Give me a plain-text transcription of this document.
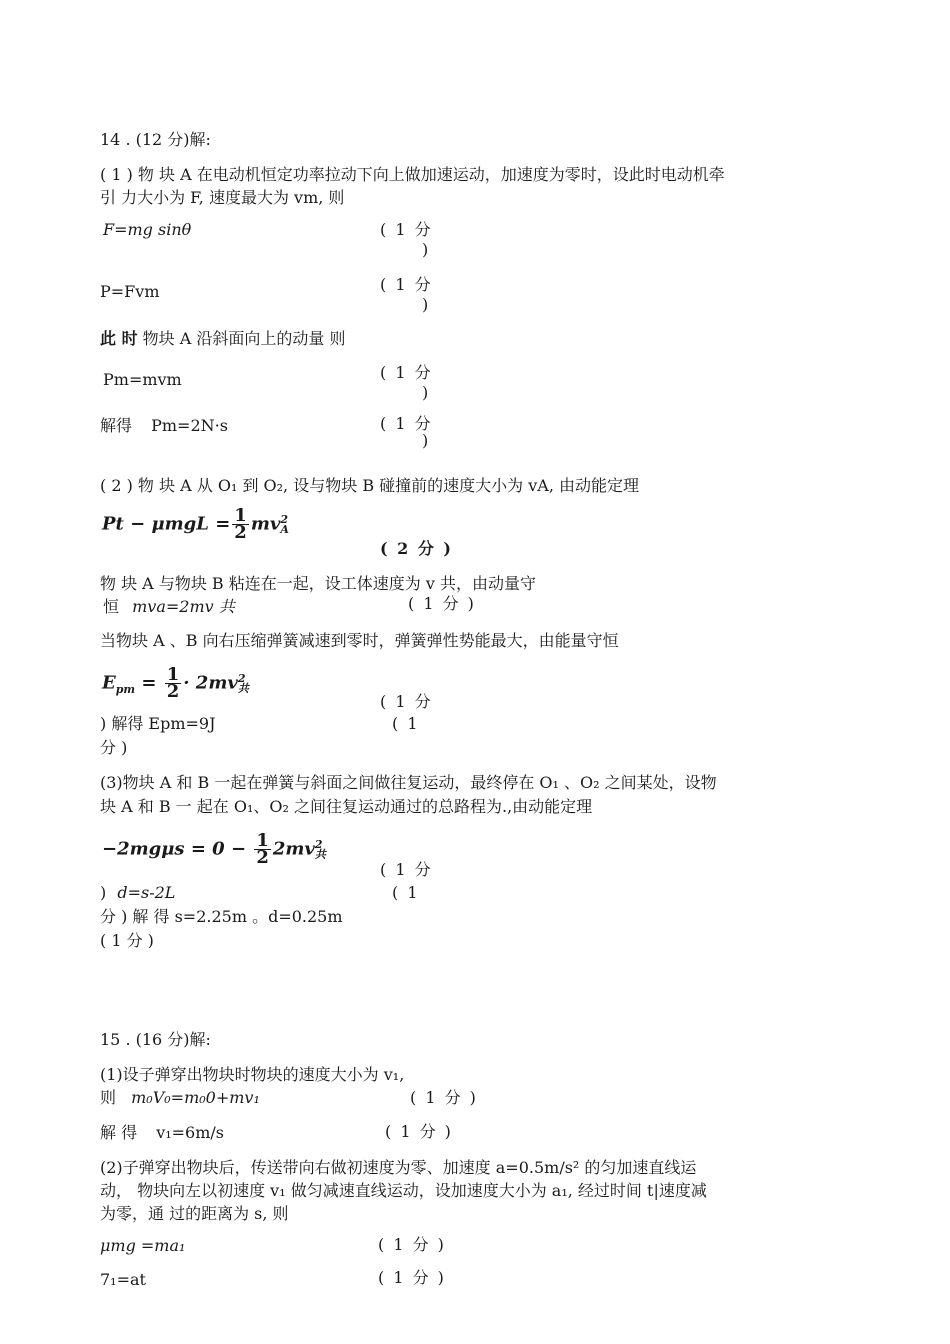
14 . (12 分)解:
( 1 ) 物 块 A 在电动机恒定功率拉动下向上做加速运动，加速度为零时，设此时电动机牵
引 力大小为 F, 速度最大为 vm, 则
F=mg sinθ	( 1 分
)
P=Fvm	( 1 分
)
此 时 物块 A 沿斜面向上的动量 则
Pm=mvm	( 1 分
)
解得 Pm=2N·s	( 1 分
)
( 2 ) 物 块 A 从 O₁ 到 O₂, 设与物块 B 碰撞前的速度大小为 vA, 由动能定理
$Pt - \mu mgL = \frac{1}{2}$ mv 2
A
( 2 分 )
物 块 A 与物块 B 粘连在一起，设工体速度为 v 共，由动量守
恒 mva=2mv 共	( 1 分 )
当物块 A 、B 向右压缩弹簧减速到零时，弹簧弹性势能最大，由能量守恒
$E_{pm} = \frac{1}{2} \cdot 2mv$ 2
共
( 1 分
) 解得 Epm=9J	( 1
分 )
(3)物块 A 和 B 一起在弹簧与斜面之间做往复运动，最终停在 O₁ 、O₂ 之间某处，设物
块 A 和 B 一 起在 O₁、O₂ 之间往复运动通过的总路程为.,由动能定理
$-2mg\mu s = 0 - \frac{1}{2} 2mv$ 2
共
( 1 分
) d=s-2L	( 1
分 ) 解 得 s=2.25m 。d=0.25m
( 1 分 )
15 . (16 分)解:
(1)设子弹穿出物块时物块的速度大小为 v₁,
则 m₀V₀=m₀0+mv₁	( 1 分 )
解 得 v₁=6m/s	( 1 分 )
(2)子弹穿出物块后，传送带向右做初速度为零、加速度 a=0.5m/s² 的匀加速直线运
动， 物块向左以初速度 v₁ 做匀减速直线运动，设加速度大小为 a₁, 经过时间 t|速度减
为零，通 过的距离为 s, 则
μmg =ma₁	( 1 分 )
7₁=at	( 1 分 )
